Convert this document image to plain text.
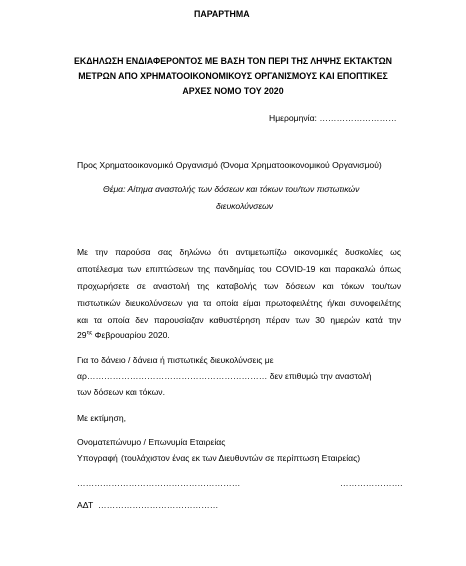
ΠΑΡΑΡΤΗΜΑ
ΕΚΔΗΛΩΣΗ ΕΝΔΙΑΦΕΡΟΝΤΟΣ ΜΕ ΒΑΣΗ ΤΟΝ ΠΕΡΙ ΤΗΣ ΛΗΨΗΣ ΕΚΤΑΚΤΩΝ
ΜΕΤΡΩΝ ΑΠΟ ΧΡΗΜΑΤΟΟΙΚΟΝΟΜΙΚΟΥΣ ΟΡΓΑΝΙΣΜΟΥΣ ΚΑΙ ΕΠΟΠΤΙΚΕΣ
ΑΡΧΕΣ ΝΟΜΟ ΤΟΥ 2020
Ημερομηνία: ………………………
Προς Χρηματοοικονομικό Οργανισμό (Όνομα Χρηματοοικονομικού Οργανισμού)
Θέμα: Αίτημα αναστολής των δόσεων και τόκων του/των πιστωτικών
διευκολύνσεων
Με την παρούσα σας δηλώνω ότι αντιμετωπίζω οικονομικές δυσκολίες ως
αποτέλεσμα των επιπτώσεων της πανδημίας του COVID-19 και παρακαλώ όπως
προχωρήσετε σε αναστολή της καταβολής των δόσεων και τόκων του/των
πιστωτικών διευκολύνσεων για τα οποία είμαι πρωτοφειλέτης ή/και συνοφειλέτης
και τα οποία δεν παρουσίαζαν καθυστέρηση πέραν των 30 ημερών κατά την
$29^{\eta\varsigma}$ Φεβρουαρίου 2020.
Για το δάνειο / δάνεια ή πιστωτικές διευκολύνσεις με
αρ……………………………………………………… δεν επιθυμώ την αναστολή
των δόσεων και τόκων.
Με εκτίμηση,
Ονοματεπώνυμο / Επωνυμία Εταιρείας
Υπογραφή (τουλάχιστον ένας εκ των Διευθυντών σε περίπτωση Εταιρείας)
…………………………………………………	………………….
ΑΔΤ ……………………………………
